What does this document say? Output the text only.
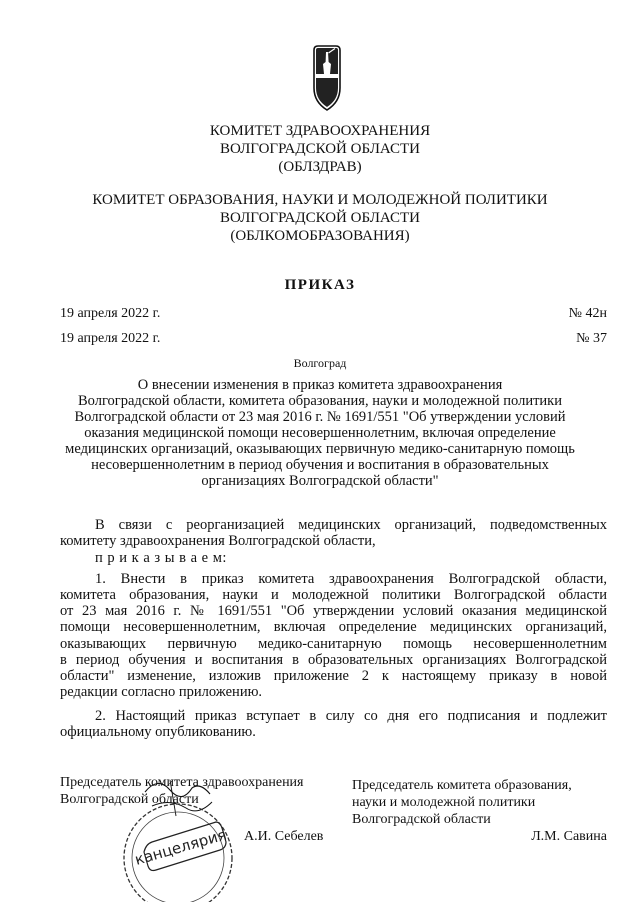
КОМИТЕТ ЗДРАВООХРАНЕНИЯ
ВОЛГОГРАДСКОЙ ОБЛАСТИ
(ОБЛЗДРАВ)
КОМИТЕТ ОБРАЗОВАНИЯ, НАУКИ И МОЛОДЕЖНОЙ ПОЛИТИКИ
ВОЛГОГРАДСКОЙ ОБЛАСТИ
(ОБЛКОМОБРАЗОВАНИЯ)
ПРИКАЗ
19 апреля 2022 г.	№ 42н
19 апреля 2022 г.	№ 37
Волгоград
О внесении изменения в приказ комитета здравоохранения
Волгоградской области, комитета образования, науки и молодежной политики
Волгоградской области от 23 мая 2016 г. № 1691/551 "Об утверждении условий
оказания медицинской помощи несовершеннолетним, включая определение
медицинских организаций, оказывающих первичную медико-санитарную помощь
несовершеннолетним в период обучения и воспитания в образовательных
организациях Волгоградской области"
В связи с реорганизацией медицинских организаций, подведомственных
комитету здравоохранения Волгоградской области,
п р и к а з ы в а е м:
1. Внести в приказ комитета здравоохранения Волгоградской области,
комитета образования, науки и молодежной политики Волгоградской области
от 23 мая 2016 г. № 1691/551 "Об утверждении условий оказания медицинской
помощи несовершеннолетним, включая определение медицинских организаций,
оказывающих первичную медико-санитарную помощь несовершеннолетним
в период обучения и воспитания в образовательных организациях Волгоградской
области" изменение, изложив приложение 2 к настоящему приказу в новой
редакции согласно приложению.
2. Настоящий приказ вступает в силу со дня его подписания и подлежит
официальному опубликованию.
Председатель комитета здравоохранения
Волгоградской области
А.И. Себелев
Председатель комитета образования,
науки и молодежной политики
Волгоградской области
Л.М. Савина
канцелярия
